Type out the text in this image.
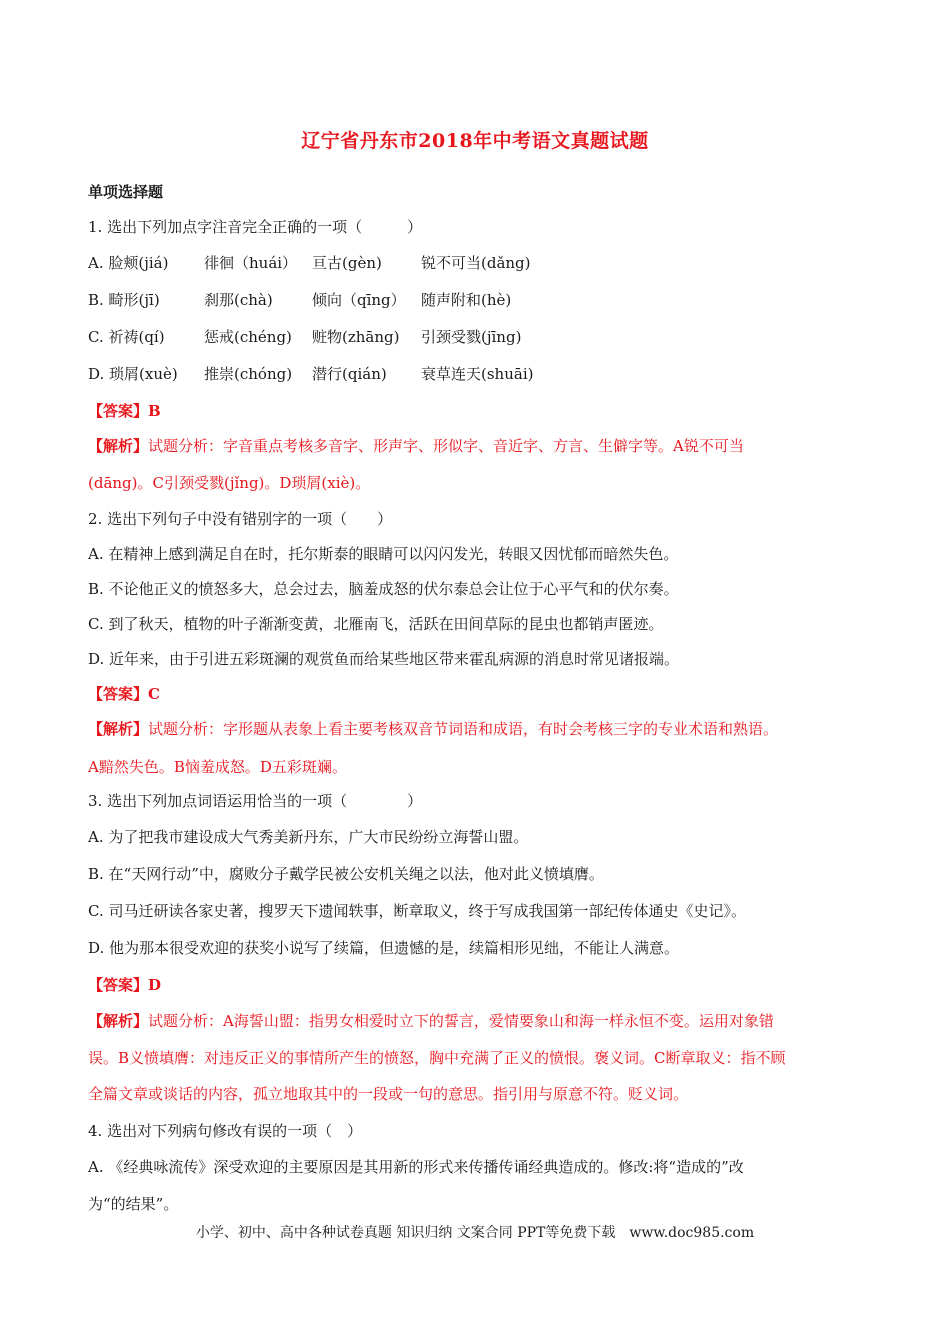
辽宁省丹东市2018年中考语文真题试题
单项选择题
1. 选出下列加点字注音完全正确的一项（　　　）
A. 脸颊(jiá) 徘徊（huái） 亘古(gèn)	锐不可当(dǎng)
B. 畸形(jī)	刹那(chà)	倾向（qīng） 随声附和(hè)
C. 祈祷(qí)	惩戒(chéng) 赃物(zhāng) 引颈受戮(jīng)
D. 琐屑(xuè) 推崇(chóng) 潜行(qián) 衰草连天(shuāi)
【答案】B
【解析】试题分析：字音重点考核多音字、形声字、形似字、音近字、方言、生僻字等。A锐不可当
(dāng)。C引颈受戮(jǐng)。D琐屑(xiè)。
2. 选出下列句子中没有错别字的一项（　　）
A. 在精神上感到满足自在时，托尔斯泰的眼睛可以闪闪发光，转眼又因忧郁而暗然失色。
B. 不论他正义的愤怒多大，总会过去，脑羞成怒的伏尔泰总会让位于心平气和的伏尔奏。
C. 到了秋天，植物的叶子渐渐变黄，北雁南飞，活跃在田间草际的昆虫也都销声匿迹。
D. 近年来，由于引进五彩斑澜的观赏鱼而给某些地区带来霍乱病源的消息时常见诸报端。
【答案】C
【解析】试题分析：字形题从表象上看主要考核双音节词语和成语，有时会考核三字的专业术语和熟语。
A黯然失色。B恼羞成怒。D五彩斑斓。
3. 选出下列加点词语运用恰当的一项（　　　　）
A. 为了把我市建设成大气秀美新丹东，广大市民纷纷立海誓山盟。
B. 在“天网行动”中，腐败分子戴学民被公安机关绳之以法，他对此义愤填膺。
C. 司马迁研读各家史著，搜罗天下遗闻轶事，断章取义，终于写成我国第一部纪传体通史《史记》。
D. 他为那本很受欢迎的获奖小说写了续篇，但遗憾的是，续篇相形见绌，不能让人满意。
【答案】D
【解析】试题分析：A海誓山盟：指男女相爱时立下的誓言，爱情要象山和海一样永恒不变。运用对象错
误。B义愤填膺：对违反正义的事情所产生的愤怒，胸中充满了正义的愤恨。褒义词。C断章取义：指不顾
全篇文章或谈话的内容，孤立地取其中的一段或一句的意思。指引用与原意不符。贬义词。
4. 选出对下列病句修改有误的一项（　）
A. 《经典咏流传》深受欢迎的主要原因是其用新的形式来传播传诵经典造成的。修改:将“造成的”改
为“的结果”。
小学、初中、高中各种试卷真题 知识归纳 文案合同 PPT等免费下载　www.doc985.com
